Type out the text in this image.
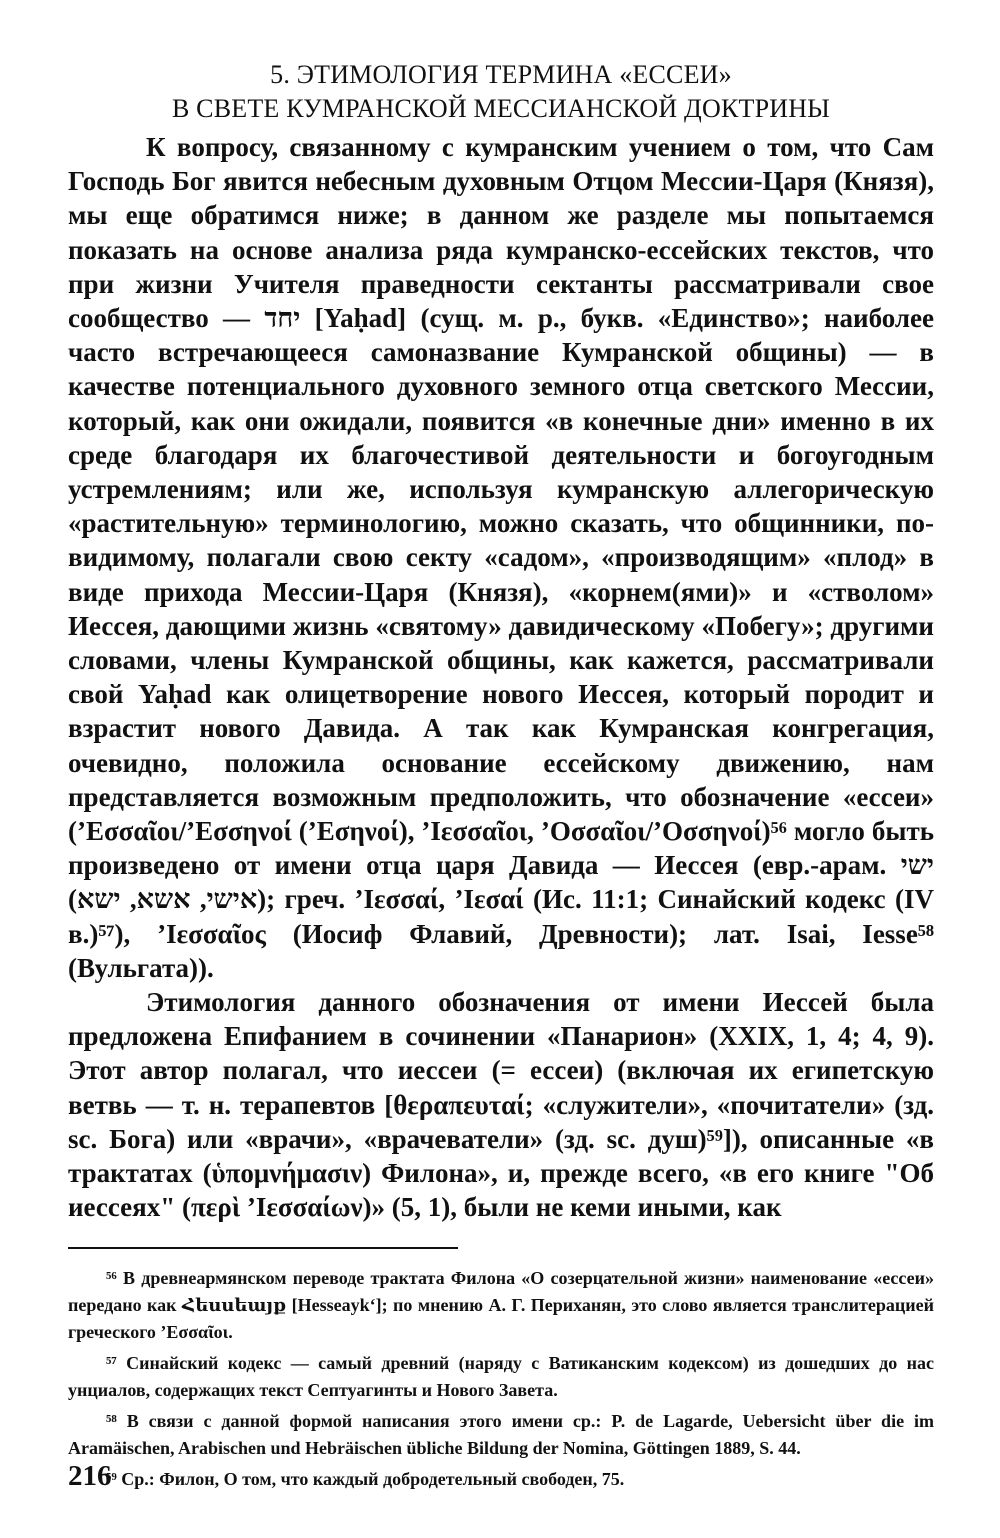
5. ЭТИМОЛОГИЯ ТЕРМИНА «ЕССЕИ»
В СВЕТЕ КУМРАНСКОЙ МЕССИАНСКОЙ ДОКТРИНЫ

К вопросу, связанному с кумранским учением о том, что Сам Господь Бог явится небесным духовным Отцом Мессии-Царя (Князя), мы еще обратимся ниже; в данном же разделе мы попытаемся показать на основе анализа ряда кумранско-ессейских текстов, что при жизни Учителя праведности сектанты рассматривали свое сообщество — יחד [Yaḥad] (сущ. м. р., букв. «Единство»; наиболее часто встречающееся самоназвание Кумранской общины) — в качестве потенциального духовного земного отца светского Мессии, который, как они ожидали, появится «в конечные дни» именно в их среде благодаря их благочестивой деятельности и богоугодным устремлениям; или же, используя кумранскую аллегорическую «растительную» терминологию, можно сказать, что общинники, по-видимому, полагали свою секту «садом», «производящим» «плод» в виде прихода Мессии-Царя (Князя), «корнем(ями)» и «стволом» Иессея, дающими жизнь «святому» давидическому «Побегу»; другими словами, члены Кумранской общины, как кажется, рассматривали свой Yaḥad как олицетворение нового Иессея, который породит и взрастит нового Давида. А так как Кумранская конгрегация, очевидно, положила основание ессейскому движению, нам представляется возможным предположить, что обозначение «ессеи» (’Εσσαῖοι/’Εσσηνοί (’Εσηνοί), ’Ιεσσαῖοι, ’Οσσαῖοι/’Οσσηνοί)⁵⁶ могло быть произведено от имени отца царя Давида — Иессея (евр.-арам. ישי (אישי, אשא, ישא); греч. ’Ιεσσαί, ’Ιεσαί (Ис. 11:1; Синайский кодекс (IV в.)⁵⁷), ’Ιεσσαῖος (Иосиф Флавий, Древности); лат. Isai, Iesse⁵⁸ (Вульгата)).

Этимология данного обозначения от имени Иессей была предложена Епифанием в сочинении «Панарион» (XXIX, 1, 4; 4, 9). Этот автор полагал, что иессеи (= ессеи) (включая их египетскую ветвь — т. н. терапевтов [θεραπευταί; «служители», «почитатели» (зд. sc. Бога) или «врачи», «врачеватели» (зд. sc. душ)⁵⁹]), описанные «в трактатах (ὑπομνήμασιν) Филона», и, прежде всего, «в его книге "Об иессеях" (περὶ ’Ιεσσαίων)» (5, 1), были не кеми иными, как

⁵⁶ В древнеармянском переводе трактата Филона «О созерцательной жизни» наименование «ессеи» передано как Հեսսեայք [Hesseayk‘]; по мнению А. Г. Периханян, это слово является транслитерацией греческого ’Εσσαῖοι.

⁵⁷ Синайский кодекс — самый древний (наряду с Ватиканским кодексом) из дошедших до нас унциалов, содержащих текст Септуагинты и Нового Завета.

⁵⁸ В связи с данной формой написания этого имени ср.: P. de Lagarde, Uebersicht über die im Aramäischen, Arabischen und Hebräischen übliche Bildung der Nomina, Göttingen 1889, S. 44.

⁵⁹ Ср.: Филон, О том, что каждый добродетельный свободен, 75.

216
